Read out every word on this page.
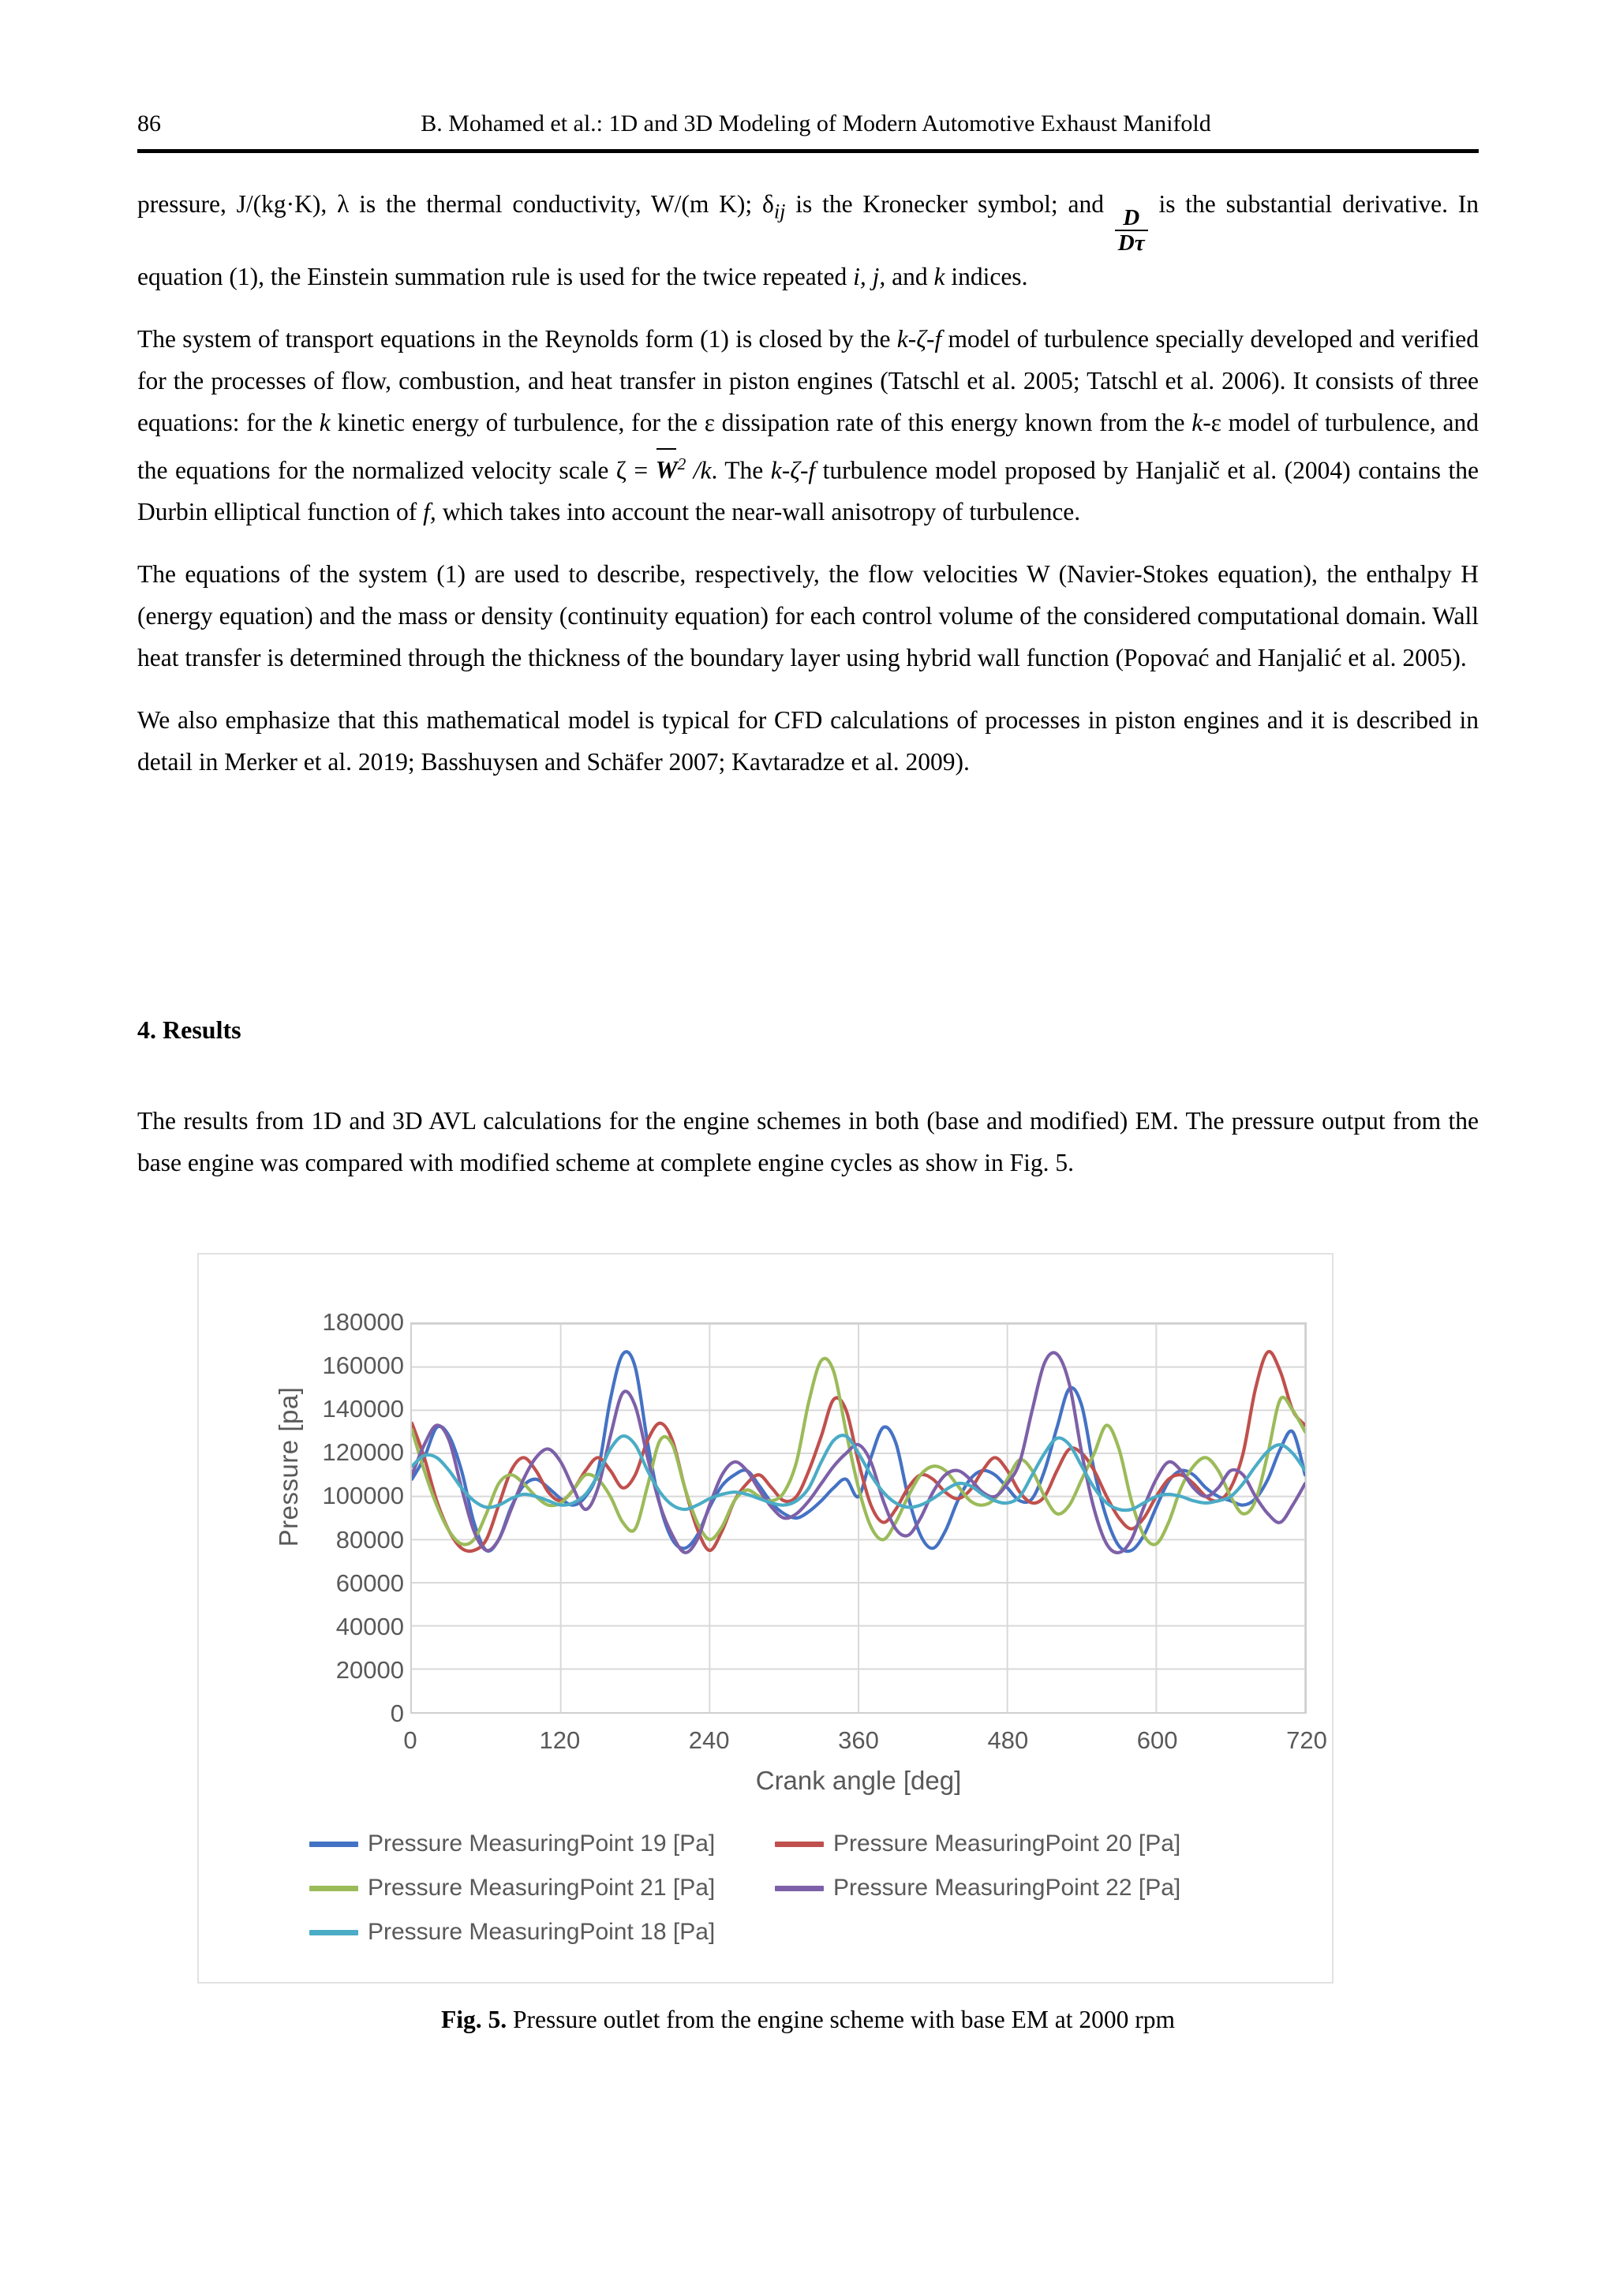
86	B. Mohamed et al.: 1D and 3D Modeling of Modern Automotive Exhaust Manifold

pressure, J/(kg·K), λ is the thermal conductivity, W/(m K); $\delta_{ij}$ is the Kronecker symbol; and
$\frac{D}{D\tau}$
is the substantial derivative. In equation (1), the Einstein summation rule is used for the twice repeated i, j, and k indices.

The system of transport equations in the Reynolds form (1) is closed by the k-ζ-f model of turbulence specially developed and verified for the processes of flow, combustion, and heat transfer in piston engines (Tatschl et al. 2005; Tatschl et al. 2006). It consists of three equations: for the k kinetic energy of turbulence, for the ε dissipation rate of this energy known from the k-ε model of turbulence, and the equations for the normalized velocity scale $\zeta = W^2$ /k. The k-ζ-f turbulence model proposed by Hanjalič et al. (2004) contains the Durbin elliptical function of f, which takes into account the near-wall anisotropy of turbulence.

The equations of the system (1) are used to describe, respectively, the flow velocities W (Navier-Stokes equation), the enthalpy H (energy equation) and the mass or density (continuity equation) for each control volume of the considered computational domain. Wall heat transfer is determined through the thickness of the boundary layer using hybrid wall function (Popovać and Hanjalić et al. 2005).

We also emphasize that this mathematical model is typical for CFD calculations of processes in piston engines and it is described in detail in Merker et al. 2019; Basshuysen and Schäfer 2007; Kavtaradze et al. 2009).

4. Results

The results from 1D and 3D AVL calculations for the engine schemes in both (base and modified) EM. The pressure output from the base engine was compared with modified scheme at complete engine cycles as show in Fig. 5.

Pressure [pa]
0
20000
40000
60000
80000
100000
120000
140000
160000
180000
0	120	240	360	480	600	720
Crank angle [deg]
Pressure MeasuringPoint 19 [Pa]	Pressure MeasuringPoint 20 [Pa]
Pressure MeasuringPoint 21 [Pa]	Pressure MeasuringPoint 22 [Pa]
Pressure MeasuringPoint 18 [Pa]
Fig. 5. Pressure outlet from the engine scheme with base EM at 2000 rpm
